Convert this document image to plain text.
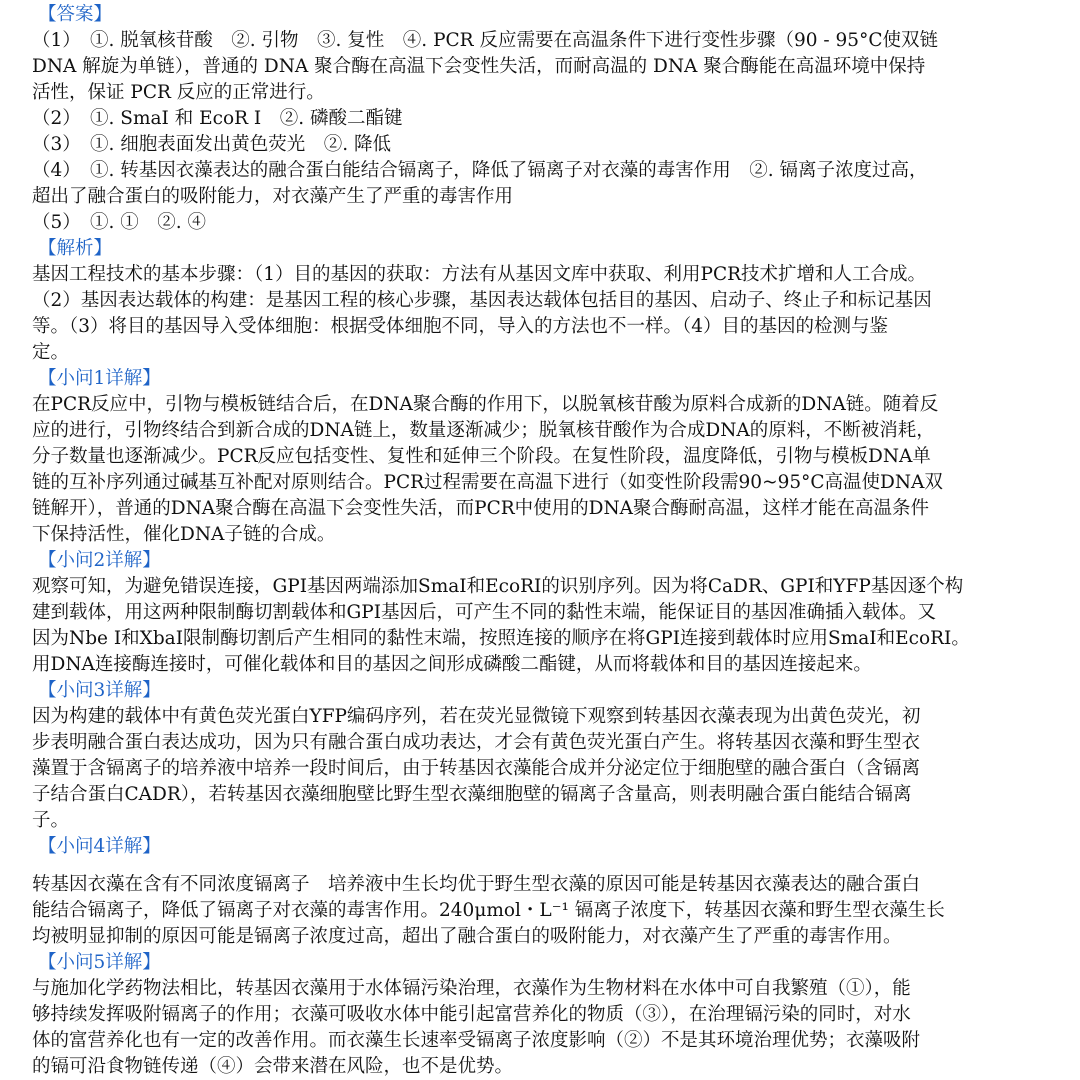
【答案】
（1）　①. 脱氧核苷酸　②. 引物　③. 复性　④. PCR 反应需要在高温条件下进行变性步骤（90 - 95°C使双链
DNA 解旋为单链），普通的 DNA 聚合酶在高温下会变性失活，而耐高温的 DNA 聚合酶能在高温环境中保持
活性，保证 PCR 反应的正常进行。
（2）　①. SmaI 和 EcoR Ⅰ　②. 磷酸二酯键
（3）　①. 细胞表面发出黄色荧光　②. 降低
（4）　①. 转基因衣藻表达的融合蛋白能结合镉离子，降低了镉离子对衣藻的毒害作用　②. 镉离子浓度过高，
超出了融合蛋白的吸附能力，对衣藻产生了严重的毒害作用
（5）　①. ①　②. ④
【解析】
基因工程技术的基本步骤：（1）目的基因的获取：方法有从基因文库中获取、利用PCR技术扩增和人工合成。
（2）基因表达载体的构建：是基因工程的核心步骤，基因表达载体包括目的基因、启动子、终止子和标记基因
等。（3）将目的基因导入受体细胞：根据受体细胞不同，导入的方法也不一样。（4）目的基因的检测与鉴
定。
【小问1详解】
在PCR反应中，引物与模板链结合后，在DNA聚合酶的作用下，以脱氧核苷酸为原料合成新的DNA链。随着反
应的进行，引物终结合到新合成的DNA链上，数量逐渐减少；脱氧核苷酸作为合成DNA的原料，不断被消耗，
分子数量也逐渐减少。PCR反应包括变性、复性和延伸三个阶段。在复性阶段，温度降低，引物与模板DNA单
链的互补序列通过碱基互补配对原则结合。PCR过程需要在高温下进行（如变性阶段需90~95°C高温使DNA双
链解开），普通的DNA聚合酶在高温下会变性失活，而PCR中使用的DNA聚合酶耐高温，这样才能在高温条件
下保持活性，催化DNA子链的合成。
【小问2详解】
观察可知，为避免错误连接，GPI基因两端添加SmaI和EcoRI的识别序列。因为将CaDR、GPI和YFP基因逐个构
建到载体，用这两种限制酶切割载体和GPI基因后，可产生不同的黏性末端，能保证目的基因准确插入载体。又
因为Nbe I和XbaI限制酶切割后产生相同的黏性末端，按照连接的顺序在将GPI连接到载体时应用SmaI和EcoRI。
用DNA连接酶连接时，可催化载体和目的基因之间形成磷酸二酯键，从而将载体和目的基因连接起来。
【小问3详解】
因为构建的载体中有黄色荧光蛋白YFP编码序列，若在荧光显微镜下观察到转基因衣藻表现为出黄色荧光，初
步表明融合蛋白表达成功，因为只有融合蛋白成功表达，才会有黄色荧光蛋白产生。将转基因衣藻和野生型衣
藻置于含镉离子的培养液中培养一段时间后，由于转基因衣藻能合成并分泌定位于细胞壁的融合蛋白（含镉离
子结合蛋白CADR），若转基因衣藻细胞壁比野生型衣藻细胞壁的镉离子含量高，则表明融合蛋白能结合镉离
子。
【小问4详解】
转基因衣藻在含有不同浓度镉离子　培养液中生长均优于野生型衣藻的原因可能是转基因衣藻表达的融合蛋白
能结合镉离子，降低了镉离子对衣藻的毒害作用。240μmol・L⁻¹ 镉离子浓度下，转基因衣藻和野生型衣藻生长
均被明显抑制的原因可能是镉离子浓度过高，超出了融合蛋白的吸附能力，对衣藻产生了严重的毒害作用。
【小问5详解】
与施加化学药物法相比，转基因衣藻用于水体镉污染治理，衣藻作为生物材料在水体中可自我繁殖（①），能
够持续发挥吸附镉离子的作用；衣藻可吸收水体中能引起富营养化的物质（③），在治理镉污染的同时，对水
体的富营养化也有一定的改善作用。而衣藻生长速率受镉离子浓度影响（②）不是其环境治理优势；衣藻吸附
的镉可沿食物链传递（④）会带来潜在风险，也不是优势。
